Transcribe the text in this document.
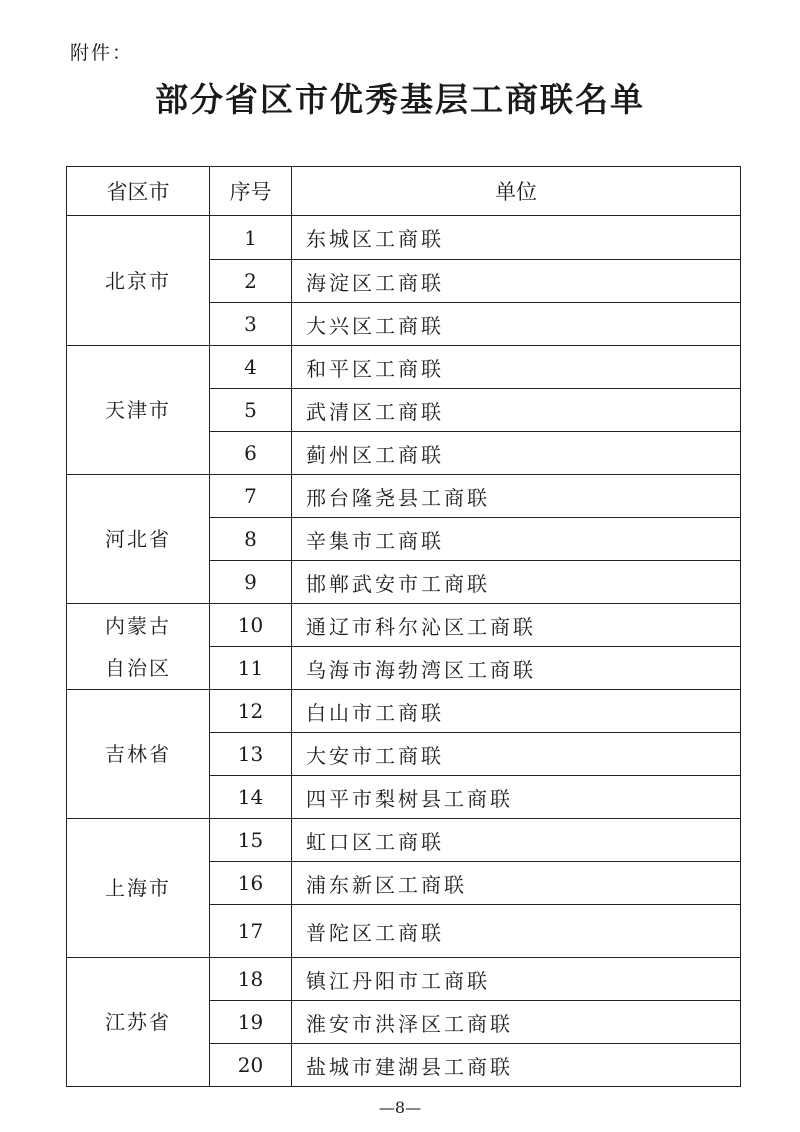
附件：
部分省区市优秀基层工商联名单
省区市	序号	单位
北京市	1	东城区工商联
	2	海淀区工商联
	3	大兴区工商联
天津市	4	和平区工商联
	5	武清区工商联
	6	蓟州区工商联
河北省	7	邢台隆尧县工商联
	8	辛集市工商联
	9	邯郸武安市工商联
内蒙古自治区	10	通辽市科尔沁区工商联
	11	乌海市海勃湾区工商联
吉林省	12	白山市工商联
	13	大安市工商联
	14	四平市梨树县工商联
上海市	15	虹口区工商联
	16	浦东新区工商联
	17	普陀区工商联
江苏省	18	镇江丹阳市工商联
	19	淮安市洪泽区工商联
	20	盐城市建湖县工商联
—8—
